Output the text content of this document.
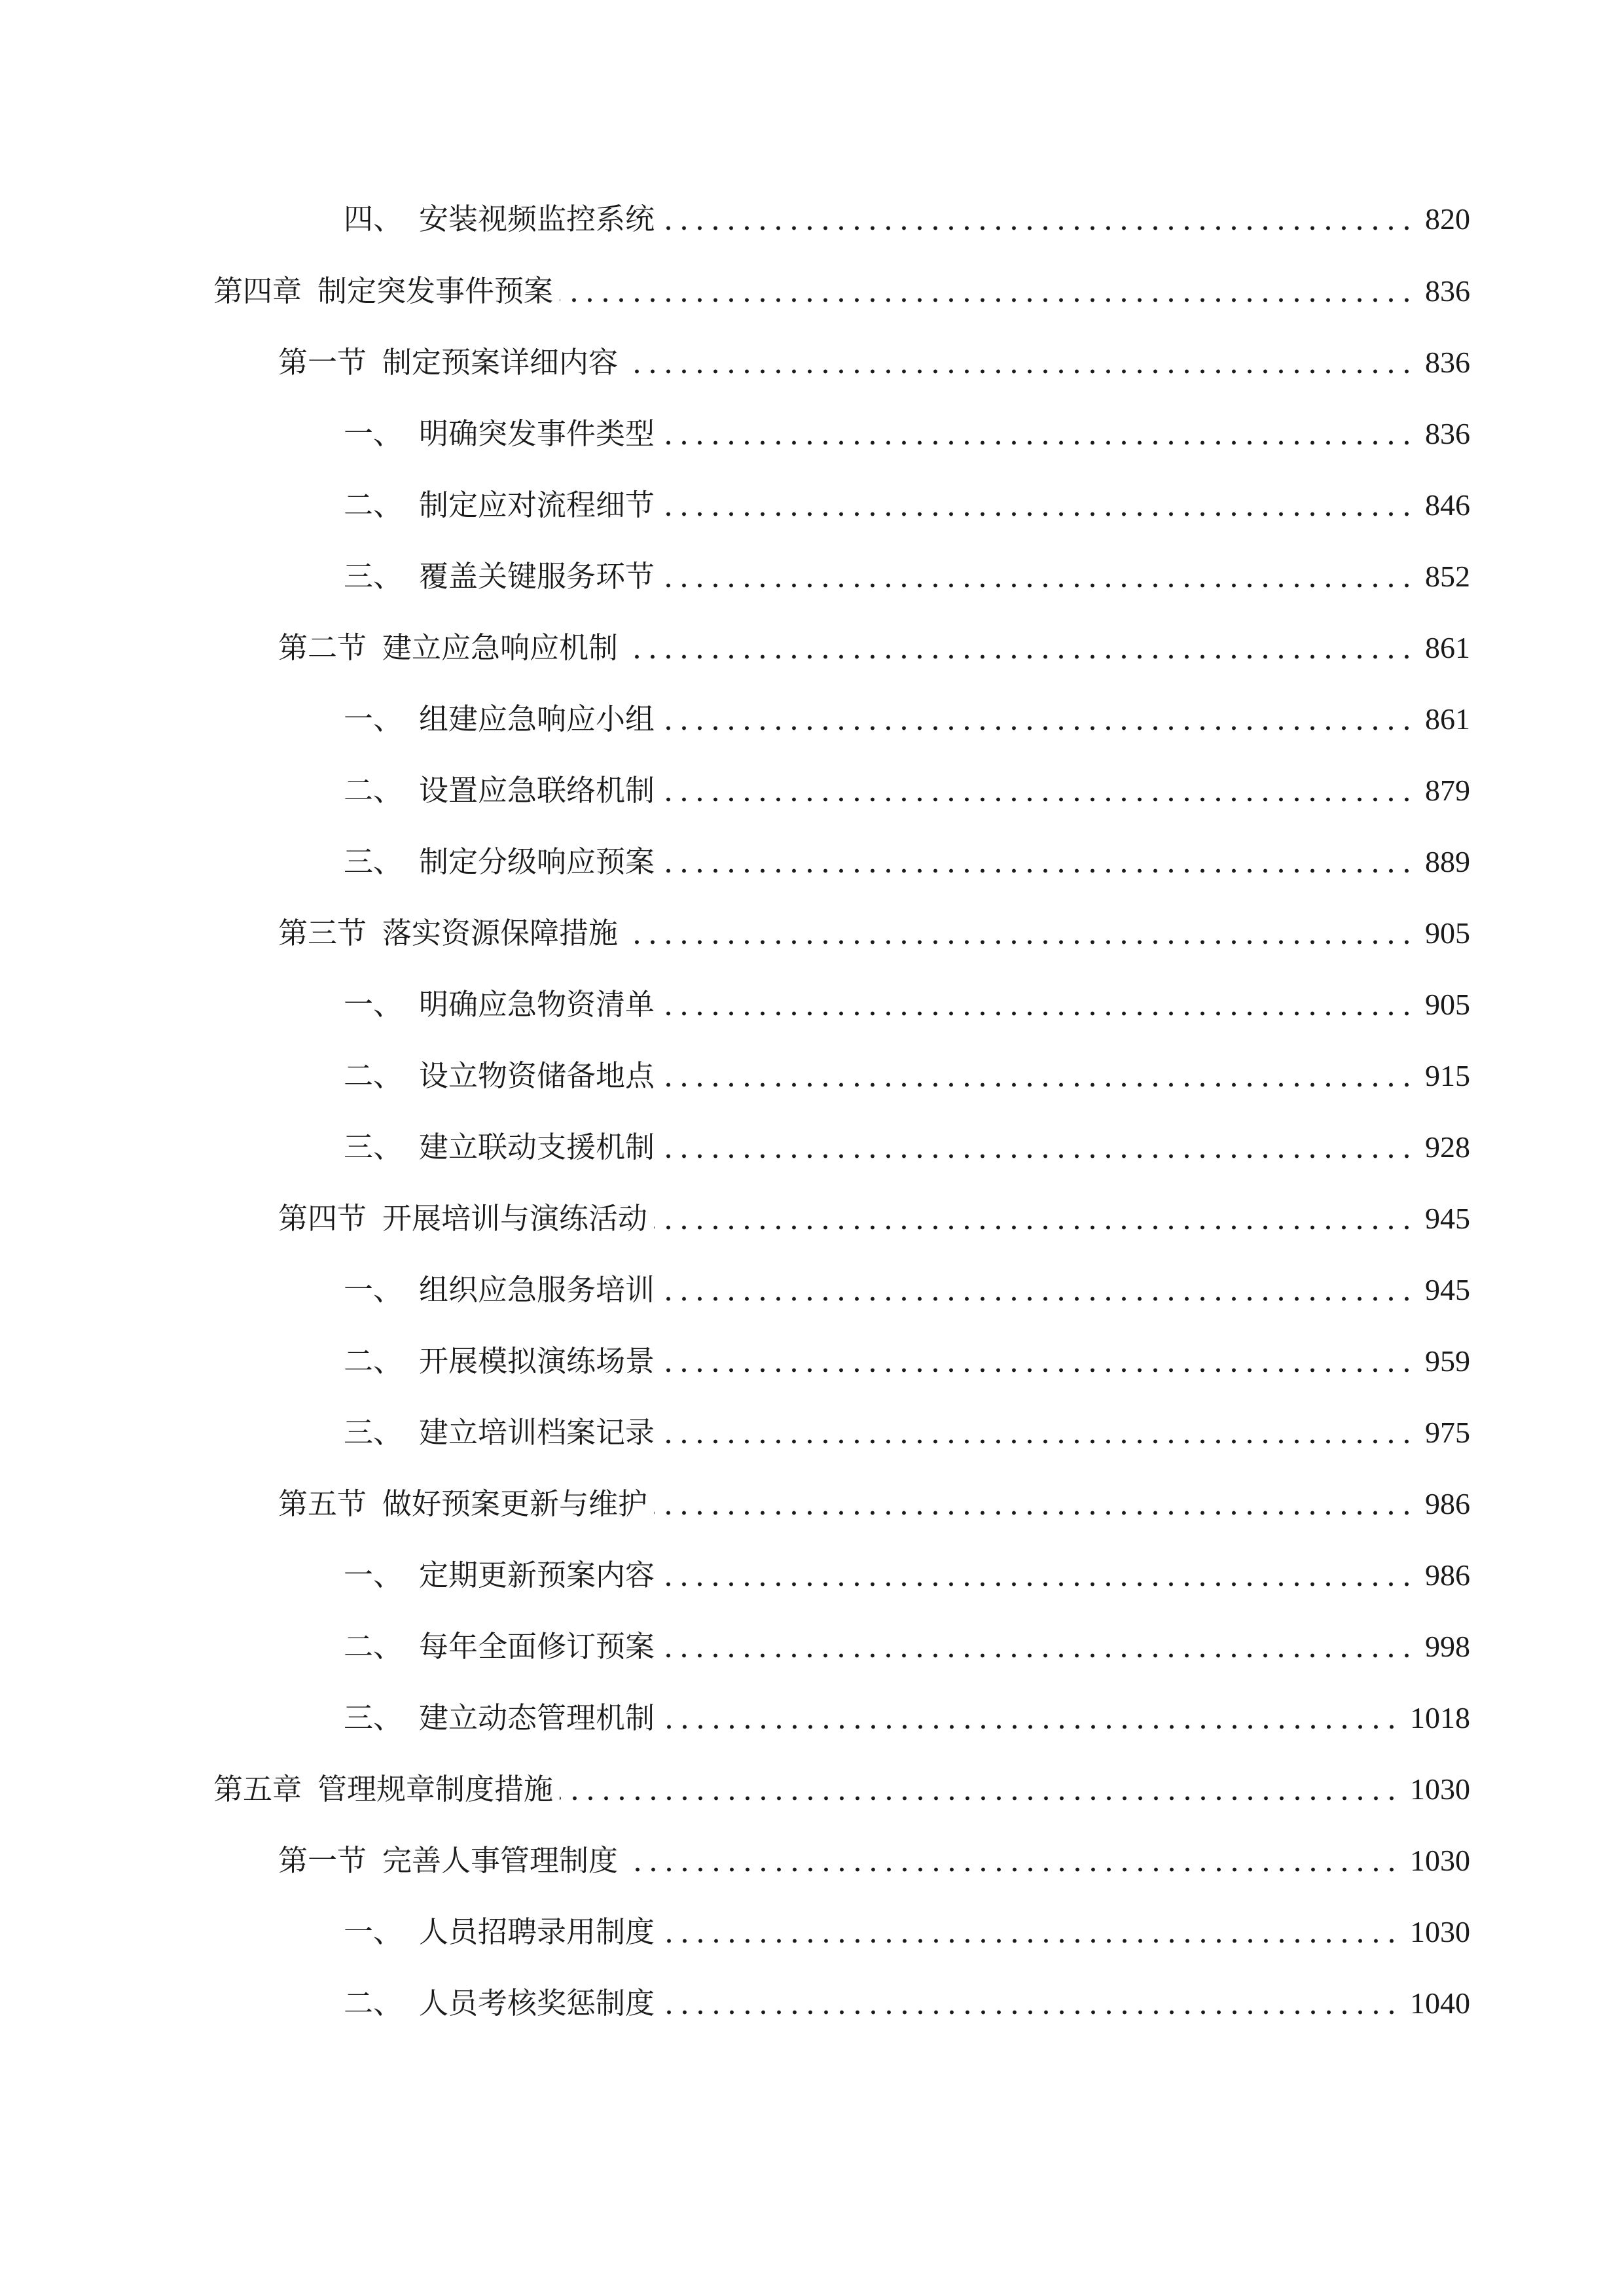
四、 安装视频监控系统	820
第四章 制定突发事件预案	836
第一节 制定预案详细内容	836
一、 明确突发事件类型	836
二、 制定应对流程细节	846
三、 覆盖关键服务环节	852
第二节 建立应急响应机制	861
一、 组建应急响应小组	861
二、 设置应急联络机制	879
三、 制定分级响应预案	889
第三节 落实资源保障措施	905
一、 明确应急物资清单	905
二、 设立物资储备地点	915
三、 建立联动支援机制	928
第四节 开展培训与演练活动	945
一、 组织应急服务培训	945
二、 开展模拟演练场景	959
三、 建立培训档案记录	975
第五节 做好预案更新与维护	986
一、 定期更新预案内容	986
二、 每年全面修订预案	998
三、 建立动态管理机制	1018
第五章 管理规章制度措施	1030
第一节 完善人事管理制度	1030
一、 人员招聘录用制度	1030
二、 人员考核奖惩制度	1040
